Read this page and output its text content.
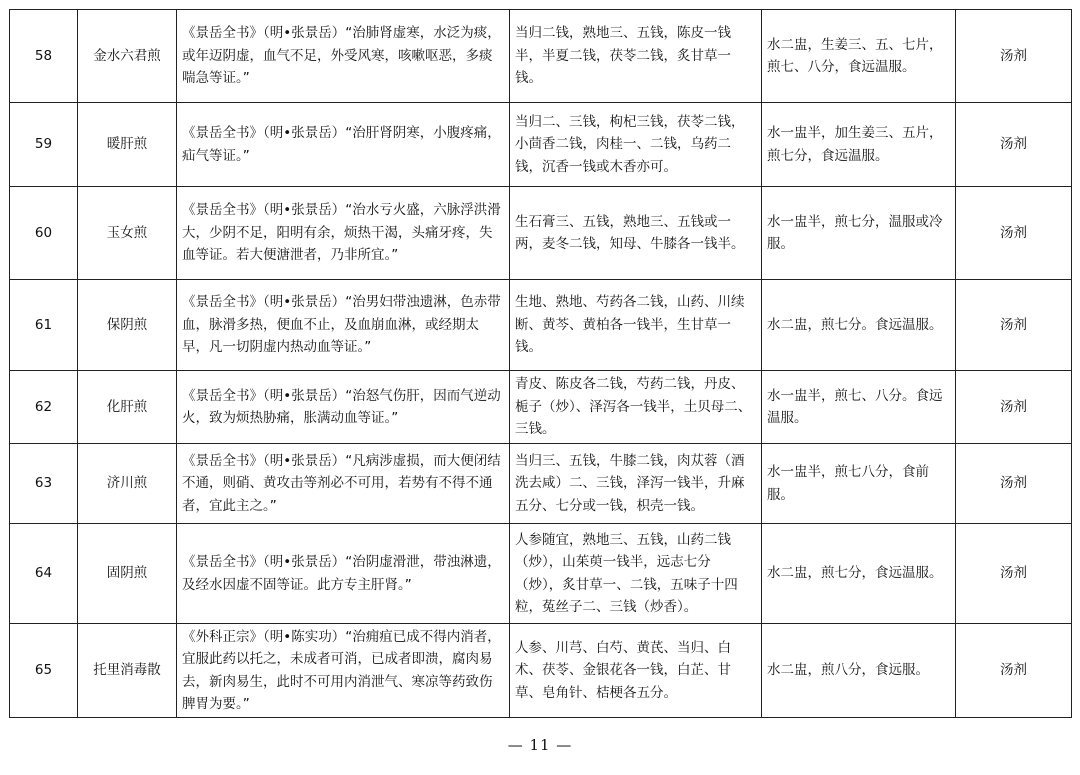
58	金水六君煎	《景岳全书》（明•张景岳）“治肺肾虚寒，水泛为痰，或年迈阴虚，血气不足，外受风寒，咳嗽呕恶，多痰喘急等证。”	当归二钱，熟地三、五钱，陈皮一钱半，半夏二钱，茯苓二钱，炙甘草一钱。	水二盅，生姜三、五、七片，煎七、八分，食远温服。	汤剂
59	暖肝煎	《景岳全书》（明•张景岳）“治肝肾阴寒，小腹疼痛，疝气等证。”	当归二、三钱，枸杞三钱，茯苓二钱，小茴香二钱，肉桂一、二钱，乌药二钱，沉香一钱或木香亦可。	水一盅半，加生姜三、五片，煎七分，食远温服。	汤剂
60	玉女煎	《景岳全书》（明•张景岳）“治水亏火盛，六脉浮洪滑大，少阴不足，阳明有余，烦热干渴，头痛牙疼，失血等证。若大便溏泄者，乃非所宜。”	生石膏三、五钱，熟地三、五钱或一两，麦冬二钱，知母、牛膝各一钱半。	水一盅半，煎七分，温服或冷服。	汤剂
61	保阴煎	《景岳全书》（明•张景岳）“治男妇带浊遗淋，色赤带血，脉滑多热，便血不止，及血崩血淋，或经期太早，凡一切阴虚内热动血等证。”	生地、熟地、芍药各二钱，山药、川续断、黄芩、黄柏各一钱半，生甘草一钱。	水二盅，煎七分。食远温服。	汤剂
62	化肝煎	《景岳全书》（明•张景岳）“治怒气伤肝，因而气逆动火，致为烦热胁痛，胀满动血等证。”	青皮、陈皮各二钱，芍药二钱，丹皮、栀子（炒）、泽泻各一钱半，土贝母二、三钱。	水一盅半，煎七、八分。食远温服。	汤剂
63	济川煎	《景岳全书》（明•张景岳）“凡病涉虚损，而大便闭结不通，则硝、黄攻击等剂必不可用，若势有不得不通者，宜此主之。”	当归三、五钱，牛膝二钱，肉苁蓉（酒洗去咸）二、三钱，泽泻一钱半，升麻五分、七分或一钱，枳壳一钱。	水一盅半，煎七八分，食前服。	汤剂
64	固阴煎	《景岳全书》（明•张景岳）“治阴虚滑泄，带浊淋遗，及经水因虚不固等证。此方专主肝肾。”	人参随宜，熟地三、五钱，山药二钱（炒），山茱萸一钱半，远志七分（炒），炙甘草一、二钱，五味子十四粒，菟丝子二、三钱（炒香）。	水二盅，煎七分，食远温服。	汤剂
65	托里消毒散	《外科正宗》（明•陈实功）“治痈疽已成不得内消者，宜服此药以托之，未成者可消，已成者即溃，腐肉易去，新肉易生，此时不可用内消泄气、寒凉等药致伤脾胃为要。”	人参、川芎、白芍、黄芪、当归、白术、茯苓、金银花各一钱，白芷、甘草、皂角针、桔梗各五分。	水二盅，煎八分，食远服。	汤剂
— 11 —
